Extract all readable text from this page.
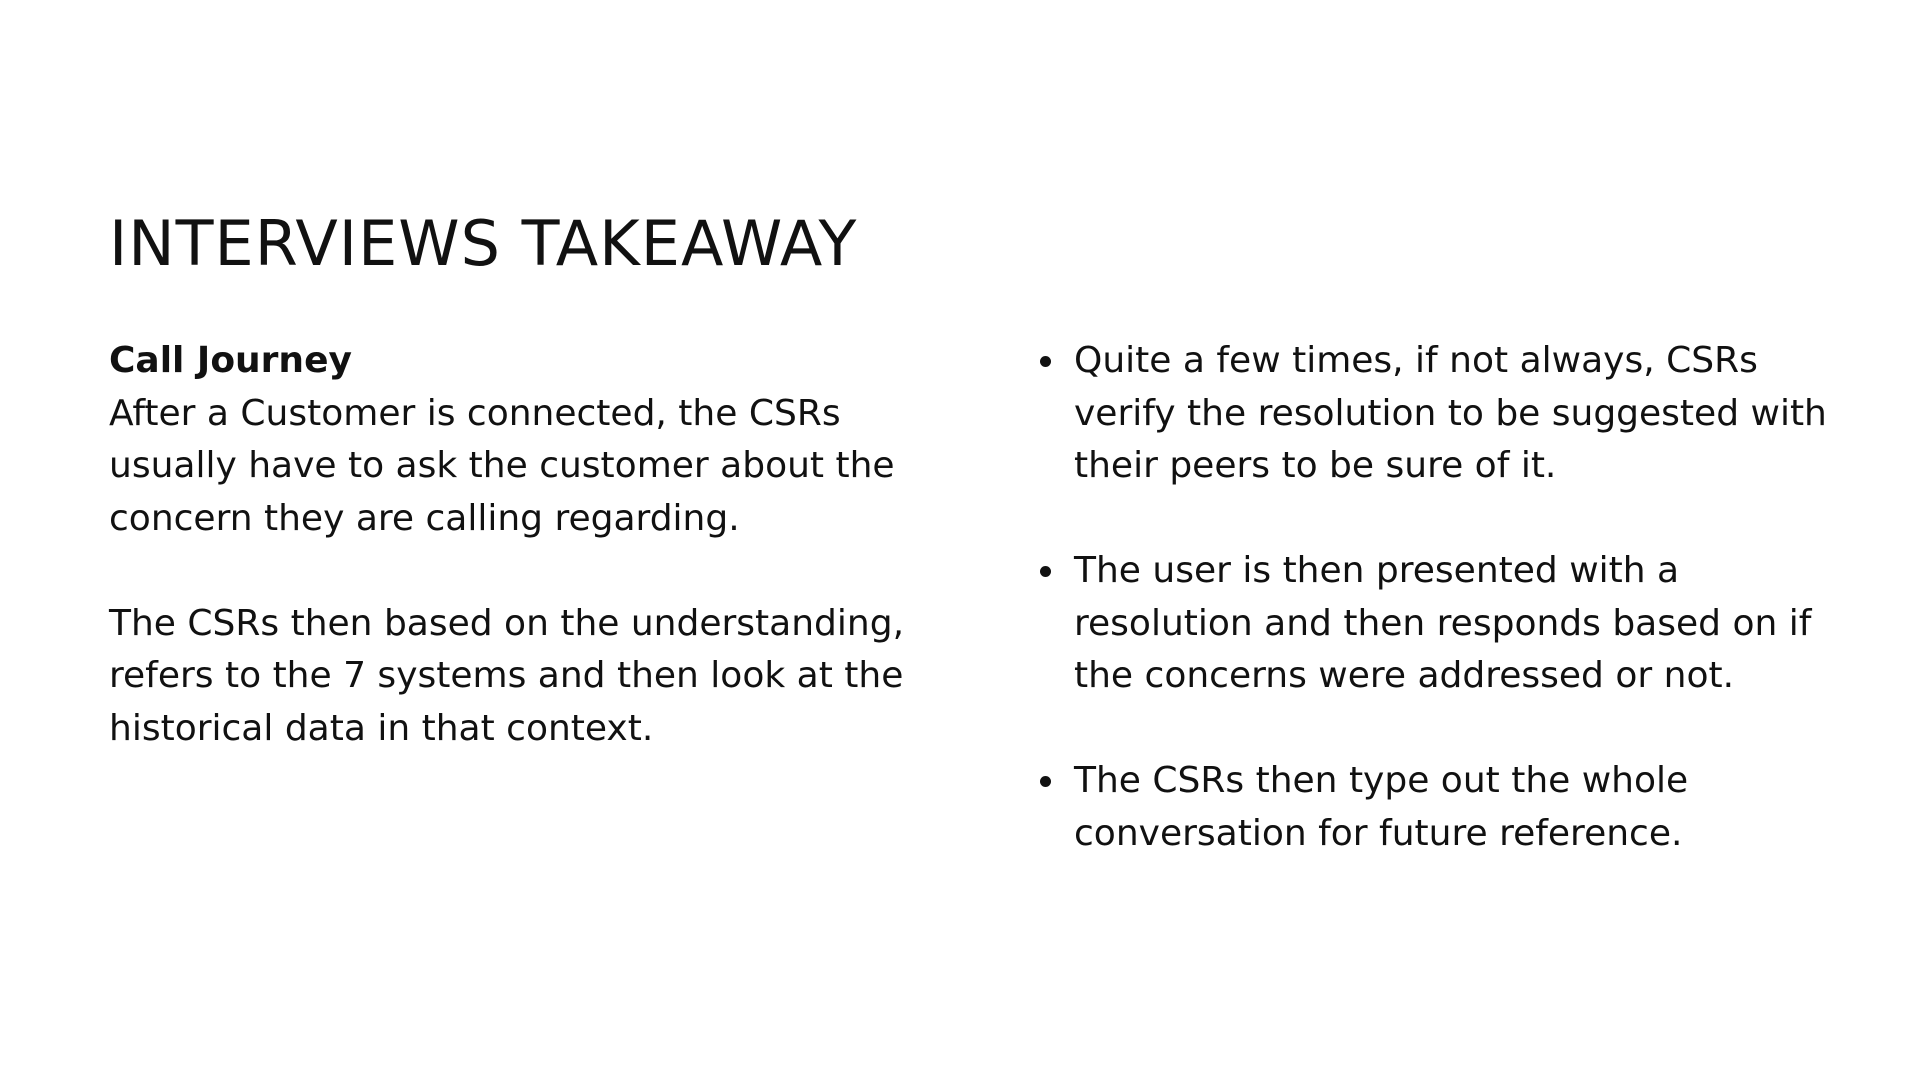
INTERVIEWS TAKEAWAY
Call Journey

After a Customer is connected, the CSRs usually have to ask the customer about the concern they are calling regarding.

The CSRs then based on the understanding, refers to the 7 systems and then look at the historical data in that context.

Quite a few times, if not always, CSRs verify the resolution to be suggested with their peers to be sure of it.
The user is then presented with a resolution and then responds based on if the concerns were addressed or not.
The CSRs then type out the whole conversation for future reference.
